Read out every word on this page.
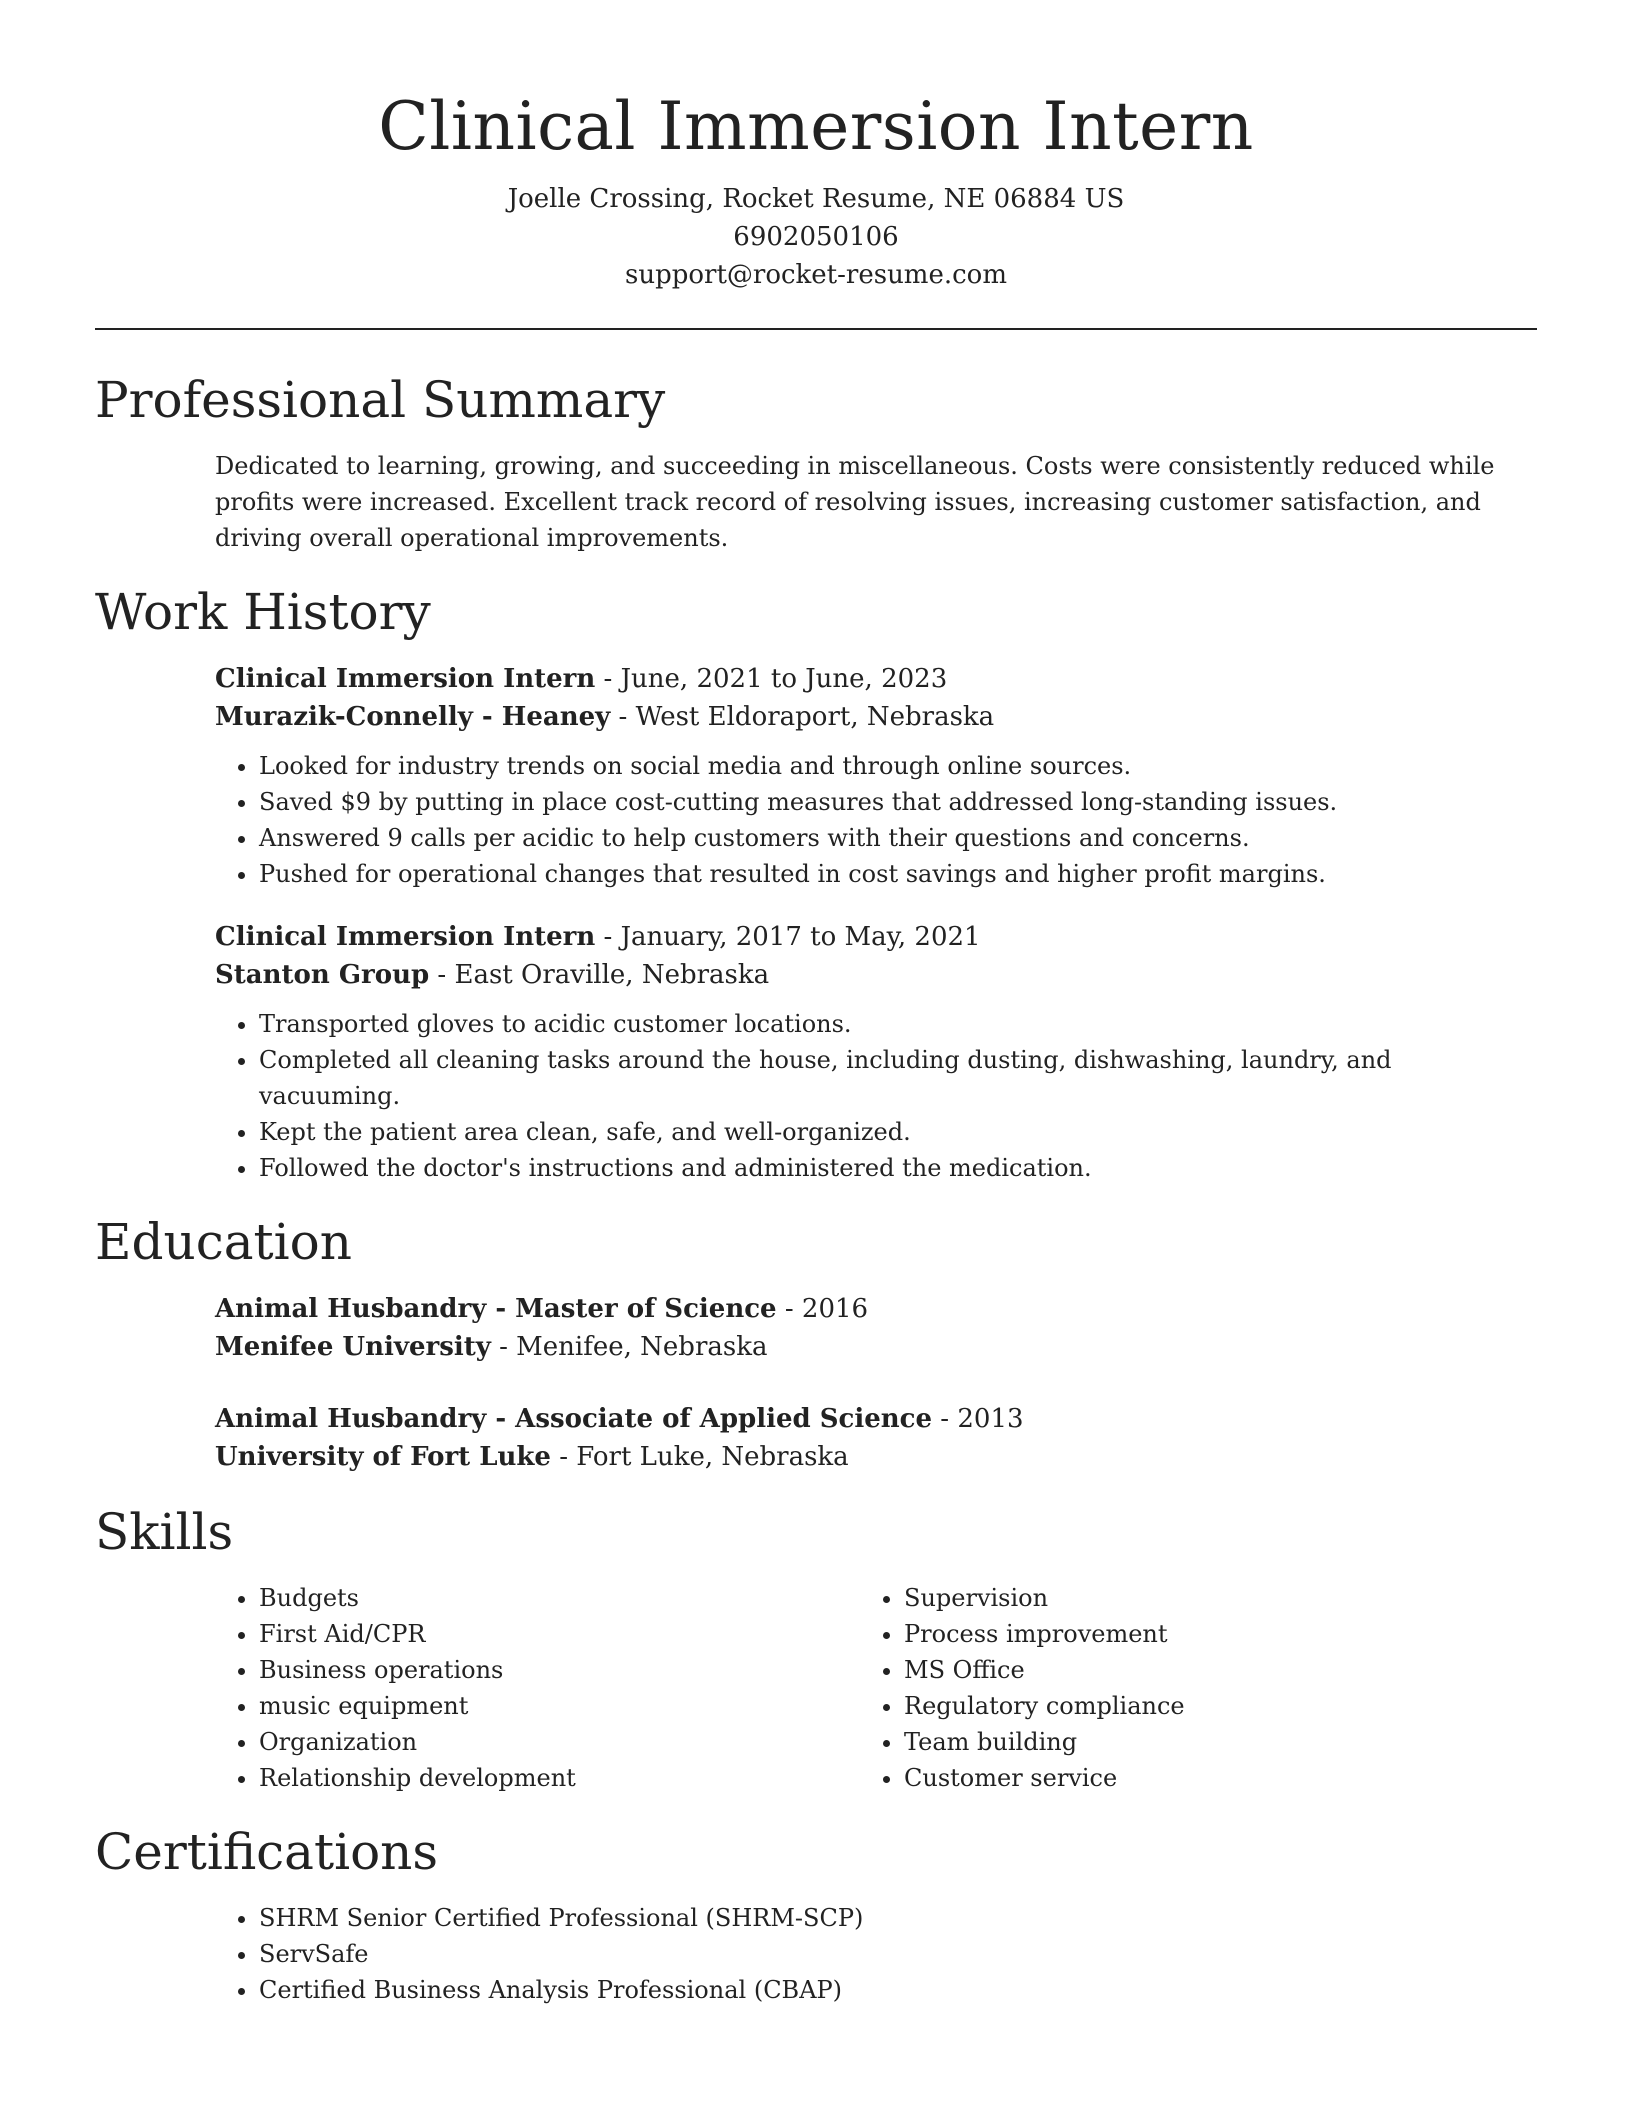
Clinical Immersion Intern

Joelle Crossing, Rocket Resume, NE 06884 US

6902050106

support@rocket-resume.com

Professional Summary

Dedicated to learning, growing, and succeeding in miscellaneous. Costs were consistently reduced while profits were increased. Excellent track record of resolving issues, increasing customer satisfaction, and driving overall operational improvements.

Work History

Clinical Immersion Intern - June, 2021 to June, 2023

Murazik-Connelly - Heaney - West Eldoraport, Nebraska

• Looked for industry trends on social media and through online sources.
• Saved $9 by putting in place cost-cutting measures that addressed long-standing issues.
• Answered 9 calls per acidic to help customers with their questions and concerns.
• Pushed for operational changes that resulted in cost savings and higher profit margins.

Clinical Immersion Intern - January, 2017 to May, 2021

Stanton Group - East Oraville, Nebraska

• Transported gloves to acidic customer locations.
• Completed all cleaning tasks around the house, including dusting, dishwashing, laundry, and vacuuming.
• Kept the patient area clean, safe, and well-organized.
• Followed the doctor's instructions and administered the medication.
Education

Animal Husbandry - Master of Science - 2016

Menifee University - Menifee, Nebraska

Animal Husbandry - Associate of Applied Science - 2013

University of Fort Luke - Fort Luke, Nebraska

Skills
• Budgets
• First Aid/CPR
• Business operations
• music equipment
• Organization
• Relationship development
• Supervision
• Process improvement
• MS Office
• Regulatory compliance
• Team building
• Customer service
Certifications
• SHRM Senior Certified Professional (SHRM-SCP)
• ServSafe
• Certified Business Analysis Professional (CBAP)
